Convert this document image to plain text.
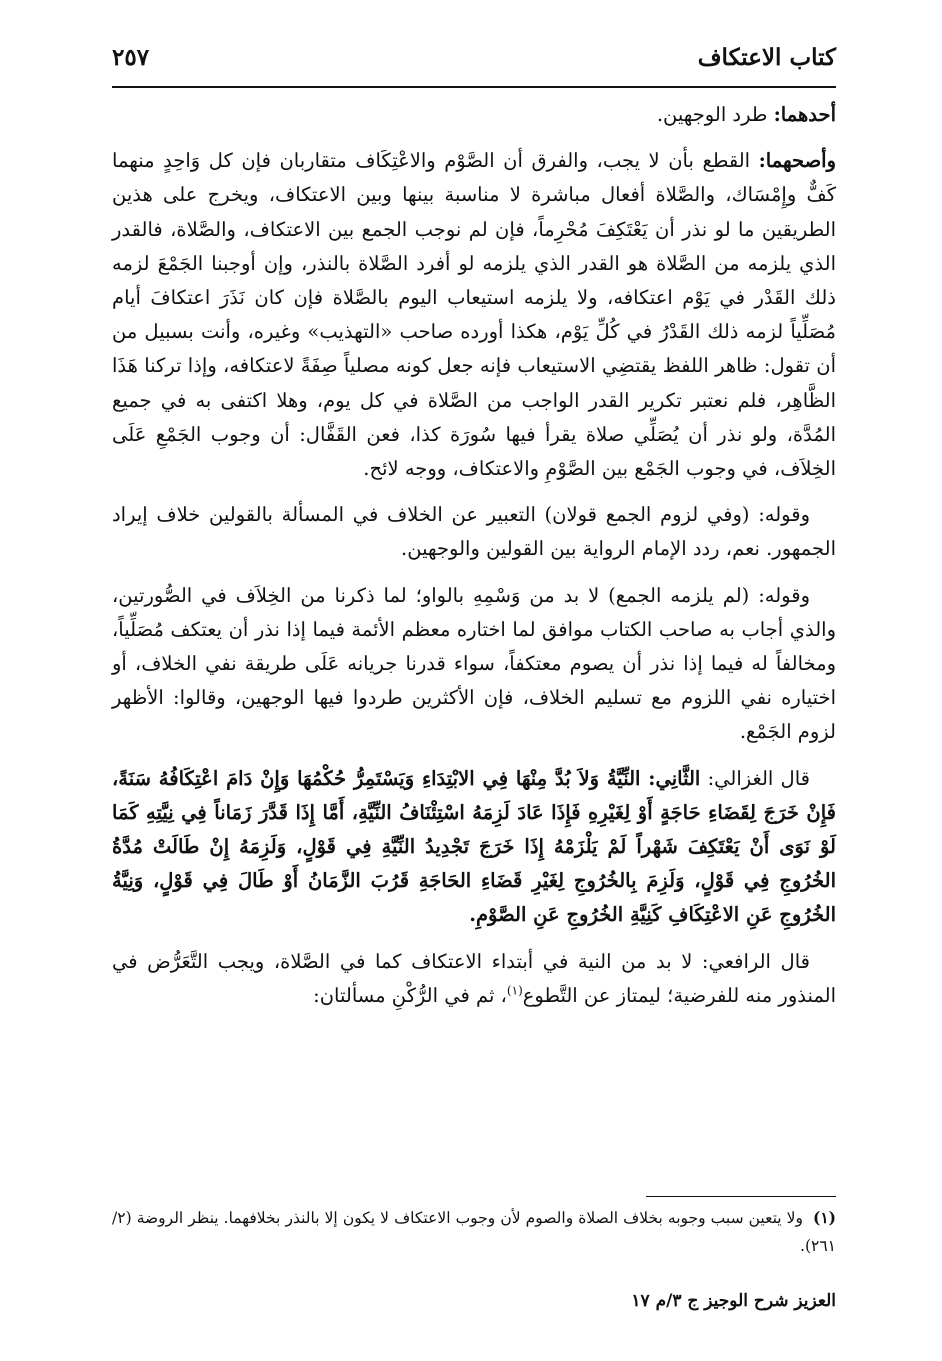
كتاب الاعتكاف
٢٥٧

أحدهما: طرد الوجهين.

وأصحهما: القطع بأن لا يجب، والفرق أن الصَّوْم والاعْتِكَاف متقاربان فإن كل وَاحِدٍ منهما كَفٌّ وإِمْسَاك، والصَّلاة أفعال مباشرة لا مناسبة بينها وبين الاعتكاف، ويخرج على هذين الطريقين ما لو نذر أن يَعْتَكِفَ مُحْرِماً، فإن لم نوجب الجمع بين الاعتكاف، والصَّلاة، فالقدر الذي يلزمه من الصَّلاة هو القدر الذي يلزمه لو أفرد الصَّلاة بالنذر، وإن أوجبنا الجَمْعَ لزمه ذلك القَدْر في يَوْم اعتكافه، ولا يلزمه استيعاب اليوم بالصَّلاة فإن كان نَذَرَ اعتكافَ أيام مُصَلِّياً لزمه ذلك القَدْرُ في كُلِّ يَوْم، هكذا أورده صاحب «التهذيب» وغيره، وأنت بسبيل من أن تقول: ظاهر اللفظ يقتضِي الاستيعاب فإنه جعل كونه مصلياً صِفَةً لاعتكافه، وإذا تركنا هَذَا الظَّاهِر، فلم نعتبر تكرير القدر الواجب من الصَّلاة في كل يوم، وهلا اكتفى به في جميع المُدَّة، ولو نذر أن يُصَلِّي صلاة يقرأ فيها سُورَة كذا، فعن القَفَّال: أن وجوب الجَمْعِ عَلَى الخِلاَف، في وجوب الجَمْع بين الصَّوْمِ والاعتكاف، ووجه لائح.

وقوله: (وفي لزوم الجمع قولان) التعبير عن الخلاف في المسألة بالقولين خلاف إيراد الجمهور. نعم، ردد الإمام الرواية بين القولين والوجهين.

وقوله: (لم يلزمه الجمع) لا بد من وَسْمِهِ بالواو؛ لما ذكرنا من الخِلاَف في الصُّورتين، والذي أجاب به صاحب الكتاب موافق لما اختاره معظم الأئمة فيما إذا نذر أن يعتكف مُصَلِّياً، ومخالفاً له فيما إذا نذر أن يصوم معتكفاً، سواء قدرنا جريانه عَلَى طريقة نفي الخلاف، أو اختياره نفي اللزوم مع تسليم الخلاف، فإن الأكثرين طردوا فيها الوجهين، وقالوا: الأظهر لزوم الجَمْع.

قال الغزالي: الثَّانِي: النِّيَّةُ وَلاَ بُدَّ مِنْهَا فِي الابْتِدَاءِ وَيَسْتَمِرُّ حُكْمُهَا وَإِنْ دَامَ اعْتِكَافُهُ سَنَةً، فَإِنْ خَرَجَ لِقَضَاءِ حَاجَةٍ أَوْ لِغَيْرِهِ فَإِذَا عَادَ لَزِمَهُ اسْتِئْنَافُ النِّيَّةِ، أَمَّا إِذَا قَدَّرَ زَمَاناً فِي نِيَّتِهِ كَمَا لَوْ نَوَى أَنْ يَعْتَكِفَ شَهْراً لَمْ يَلْزَمْهُ إِذَا خَرَجَ تَجْدِيدُ النِّيَّةِ فِي قَوْلٍ، وَلَزِمَهُ إِنْ طَالَتْ مُدَّةُ الخُرُوجِ فِي قَوْلٍ، وَلَزِمَ بِالخُرُوجِ لِغَيْرِ قَضَاءِ الحَاجَةِ قَرُبَ الزَّمَانُ أَوْ طَالَ فِي قَوْلٍ، وَنِيَّةُ الخُرُوجِ عَنِ الاعْتِكَافِ كَنِيَّةِ الخُرُوجِ عَنِ الصَّوْمِ.

قال الرافعي: لا بد من النية في أبتداء الاعتكاف كما في الصَّلاة، ويجب التَّعَرُّض في المنذور منه للفرضية؛ ليمتاز عن التَّطوع$^{(١)}$، ثم في الرُّكْنِ مسألتان:

(١)ولا يتعين سبب وجوبه بخلاف الصلاة والصوم لأن وجوب الاعتكاف لا يكون إلا بالنذر بخلافهما. ينظر الروضة (٢/ ٢٦١).
العزيز شرح الوجيز ج ٣/م ١٧
